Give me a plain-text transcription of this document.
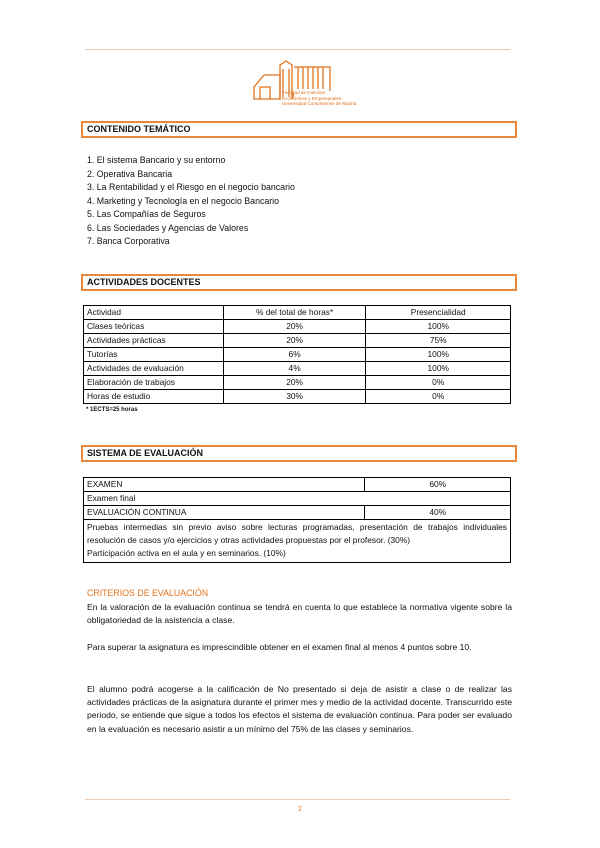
Facultad de Ciencias
Económicas y Empresariales
Universidad Complutense de Madrid
CONTENIDO TEMÁTICO
1. El sistema Bancario y su entorno
2. Operativa Bancaria
3. La Rentabilidad y el Riesgo en el negocio bancario
4. Marketing y Tecnología en el negocio Bancario
5. Las Compañías de Seguros
6. Las Sociedades y Agencias de Valores
7. Banca Corporativa
ACTIVIDADES DOCENTES
Actividad	% del total de horas*	Presencialidad
Clases teóricas	20%	100%
Actividades prácticas	20%	75%
Tutorías	6%	100%
Actividades de evaluación	4%	100%
Elaboración de trabajos	20%	0%
Horas de estudio	30%	0%
* 1ECTS=25 horas
SISTEMA DE EVALUACIÓN
EXAMEN	60%
Examen final	
EVALUACIÓN CONTINUA	40%

Pruebas intermedias sin previo aviso sobre lecturas programadas, presentación de trabajos individuales resolución de casos y/o ejercicios y otras actividades propuestas por el profesor. (30%)
Participación activa en el aula y en seminarios. (10%)	
CRITERIOS DE EVALUACIÓN

En la valoración de la evaluación continua se tendrá en cuenta lo que establece la normativa vigente sobre la obligatoriedad de la asistencia a clase.

Para superar la asignatura es imprescindible obtener en el examen final al menos 4 puntos sobre 10.

El alumno podrá acogerse a la calificación de No presentado si deja de asistir a clase o de realizar las actividades prácticas de la asignatura durante el primer mes y medio de la actividad docente. Transcurrido este periodo, se entiende que sigue a todos los efectos el sistema de evaluación continua. Para poder ser evaluado en la evaluación es necesario asistir a un mínimo del 75% de las clases y seminarios.

2
